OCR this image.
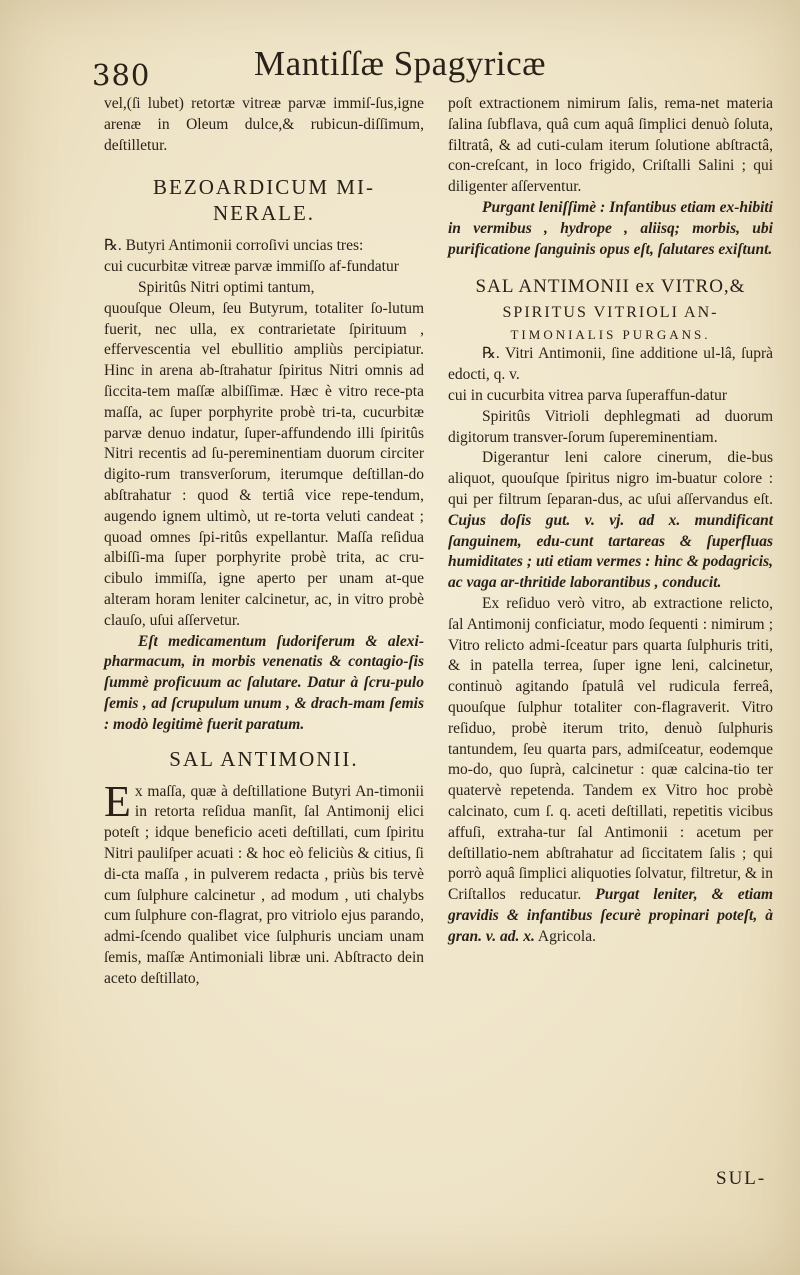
380	Mantiſſæ Spagyricæ

vel,(ſi lubet) retortæ vitreæ parvæ immiſ-ſus,igne arenæ in Oleum dulce,& rubicun-diſſimum, deſtilletur.

BEZOARDICUM MI-

NERALE.

℞. Butyri Antimonii corroſivi uncias tres:

cui cucurbitæ vitreæ parvæ immiſſo af-fundatur

Spiritûs Nitri optimi tantum,

quouſque Oleum, ſeu Butyrum, totaliter ſo-lutum fuerit, nec ulla, ex contrarietate ſpirituum , effervescentia vel ebullitio ampliùs percipiatur. Hinc in arena ab-ſtrahatur ſpiritus Nitri omnis ad ſiccita-tem maſſæ albiſſimæ. Hæc è vitro rece-pta maſſa, ac ſuper porphyrite probè tri-ta, cucurbitæ parvæ denuo indatur, ſuper-affundendo illi ſpiritûs Nitri recentis ad ſu-pereminentiam duorum circiter digito-rum transverſorum, iterumque deſtillan-do abſtrahatur : quod & tertiâ vice repe-tendum, augendo ignem ultimò, ut re-torta veluti candeat ; quoad omnes ſpi-ritûs expellantur. Maſſa reſidua albiſſi-ma ſuper porphyrite probè trita, ac cru-cibulo immiſſa, igne aperto per unam at-que alteram horam leniter calcinetur, ac, in vitro probè clauſo, uſui aſſervetur.

Eſt medicamentum ſudoriferum & alexi-pharmacum, in morbis venenatis & contagio-ſis ſummè proficuum ac ſalutare. Datur à ſcru-pulo ſemis , ad ſcrupulum unum , & drach-mam ſemis : modò legitimè fuerit paratum.

SAL ANTIMONII.

Ex maſſa, quæ à deſtillatione Butyri An-timonii in retorta reſidua manſit, ſal Antimonij elici poteſt ; idque beneficio aceti deſtillati, cum ſpiritu Nitri pauliſper acuati : & hoc eò feliciùs & citius, ſi di-cta maſſa , in pulverem redacta , priùs bis tervè cum ſulphure calcinetur , ad modum , uti chalybs cum ſulphure con-flagrat, pro vitriolo ejus parando, admi-ſcendo qualibet vice ſulphuris unciam unam ſemis, maſſæ Antimoniali libræ uni. Abſtracto dein aceto deſtillato,

poſt extractionem nimirum ſalis, rema-net materia ſalina ſubflava, quâ cum aquâ ſimplici denuò ſoluta, filtratâ, & ad cuti-culam iterum ſolutione abſtractâ, con-creſcant, in loco frigido, Criſtalli Salini ; qui diligenter aſſerventur.

Purgant leniſſimè : Infantibus etiam ex-hibiti in vermibus , hydrope , aliisq; morbis, ubi purificatione ſanguinis opus eſt, ſalutares exiſtunt.

SAL ANTIMONII ex VITRO,&

SPIRITUS VITRIOLI AN-

TIMONIALIS PURGANS.

℞. Vitri Antimonii, ſine additione ul-lâ, ſuprà edocti, q. v.

cui in cucurbita vitrea parva ſuperaffun-datur

Spiritûs Vitrioli dephlegmati ad duorum digitorum transver-ſorum ſupereminentiam.

Digerantur leni calore cinerum, die-bus aliquot, quouſque ſpiritus nigro im-buatur colore : qui per filtrum ſeparan-dus, ac uſui aſſervandus eſt. Cujus doſis gut. v. vj. ad x. mundificant ſanguinem, edu-cunt tartareas & ſuperfluas humiditates ; uti etiam vermes : hinc & podagricis, ac vaga ar-thritide laborantibus , conducit.

Ex reſiduo verò vitro, ab extractione relicto, ſal Antimonij conficiatur, modo ſequenti : nimirum ; Vitro relicto admi-ſceatur pars quarta ſulphuris triti, & in patella terrea, ſuper igne leni, calcinetur, continuò agitando ſpatulâ vel rudicula ferreâ, quouſque ſulphur totaliter con-flagraverit. Vitro reſiduo, probè iterum trito, denuò ſulphuris tantundem, ſeu quarta pars, admiſceatur, eodemque mo-do, quo ſuprà, calcinetur : quæ calcina-tio ter quatervè repetenda. Tandem ex Vitro hoc probè calcinato, cum ſ. q. aceti deſtillati, repetitis vicibus affuſi, extraha-tur ſal Antimonii : acetum per deſtillatio-nem abſtrahatur ad ſiccitatem ſalis ; qui porrò aquâ ſimplici aliquoties ſolvatur, filtretur, & in Criſtallos reducatur. Purgat leniter, & etiam gravidis & infantibus ſecurè propinari poteſt, à gran. v. ad. x. Agricola.

SUL-
